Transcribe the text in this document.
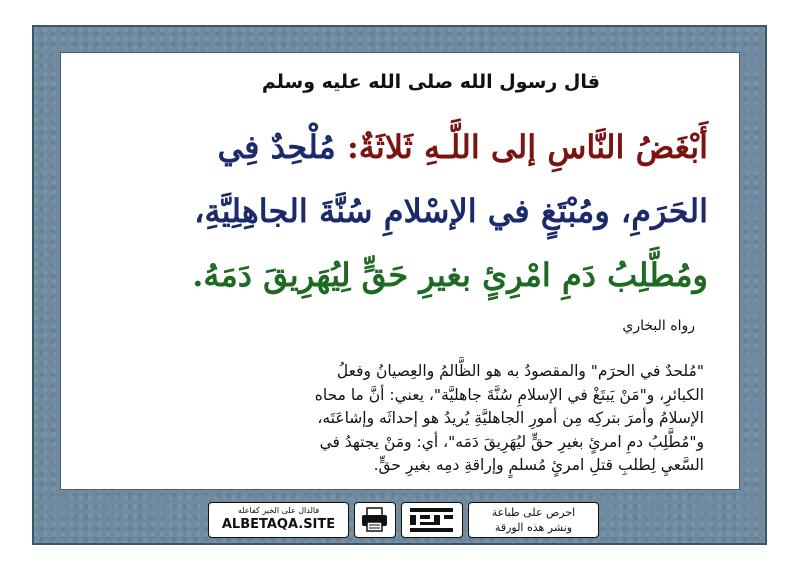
قال رسول الله صلى الله عليه وسلم
أَبْغَضُ النَّاسِ إلى اللَّـهِ ثَلاثَةٌ: مُلْحِدٌ فِي
الحَرَمِ، ومُبْتَغٍ في الإسْلامِ سُنَّةَ الجاهِلِيَّةِ،
ومُطَّلِبُ دَمِ امْرِئٍ بغيرِ حَقٍّ لِيُهَرِيقَ دَمَهُ.
رواه البخاري
"مُلحدٌ في الحرَم" والمقصودُ به هو الظَّالمُ والعِصيانُ وفعلُ
الكبائرِ، و"مَنْ يَبتَغْ في الإسلامِ سُنَّةَ جاهليَّة"، يعني: أنَّ ما محاه
الإسلامُ وأمرَ بتركِه مِن أمورِ الجاهليَّةِ يُريدُ هو إحداثَه وإشاعَتَه،
و"مُطَّلِبُ دمِ امرئٍ بغيرِ حقٍّ ليُهَرِيقَ دَمَه"، أي: ومَنْ يجتهدُ في
السَّعيِ لِطلبِ قتلِ امرئٍ مُسلمٍ وإراقةِ دمِه بغيرِ حقٍّ.
فالدال على الخير كفاعله
ALBETAQA.SITE
احرص على طباعة
ونشر هذه الورقة
